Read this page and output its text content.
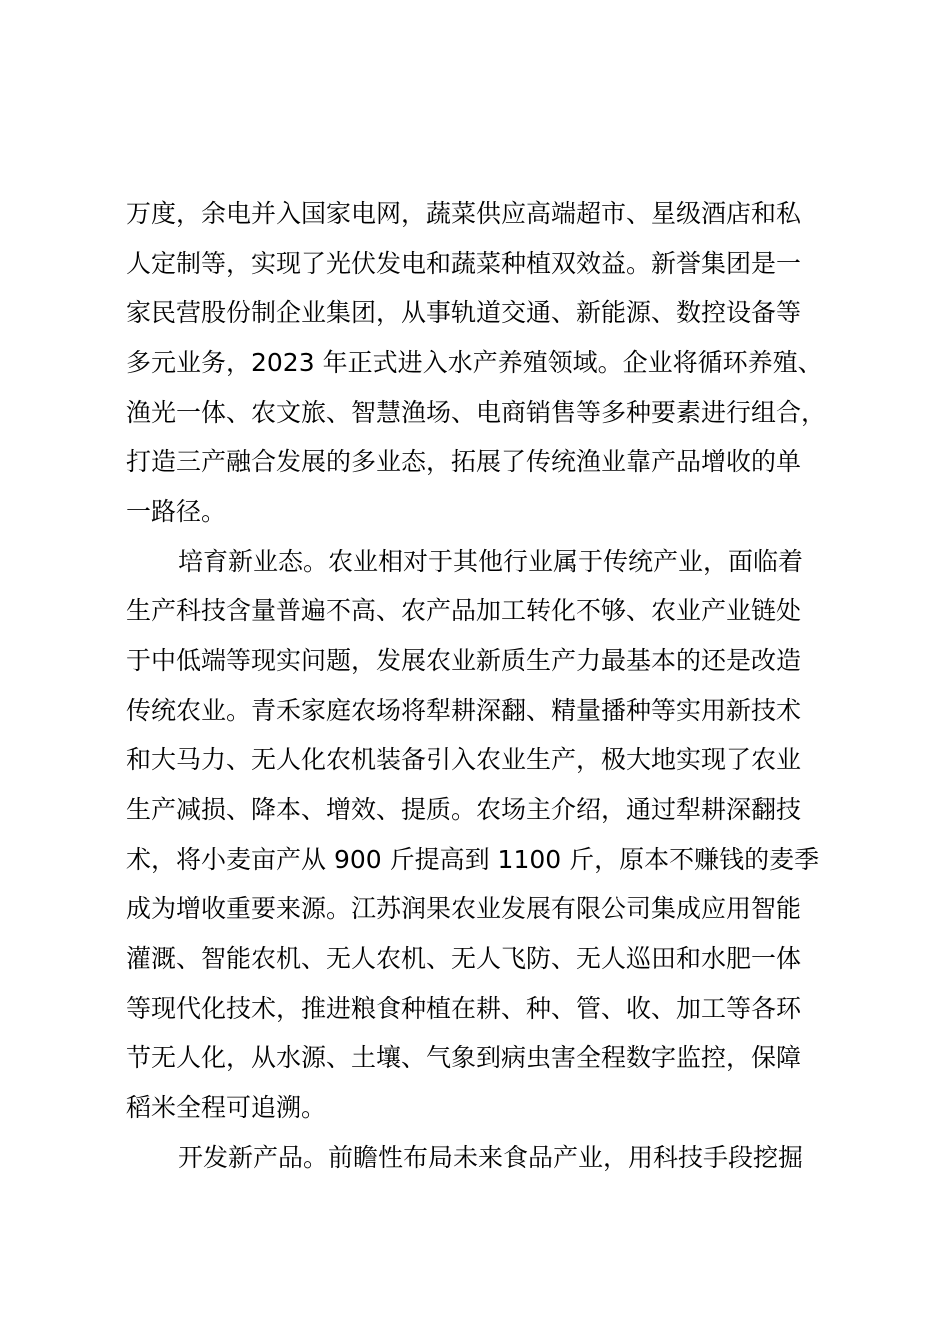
万度，余电并入国家电网，蔬菜供应高端超市、星级酒店和私
人定制等，实现了光伏发电和蔬菜种植双效益。新誉集团是一
家民营股份制企业集团，从事轨道交通、新能源、数控设备等
多元业务，2023 年正式进入水产养殖领域。企业将循环养殖、
渔光一体、农文旅、智慧渔场、电商销售等多种要素进行组合，
打造三产融合发展的多业态，拓展了传统渔业靠产品增收的单
一路径。
培育新业态。农业相对于其他行业属于传统产业，面临着
生产科技含量普遍不高、农产品加工转化不够、农业产业链处
于中低端等现实问题，发展农业新质生产力最基本的还是改造
传统农业。青禾家庭农场将犁耕深翻、精量播种等实用新技术
和大马力、无人化农机装备引入农业生产，极大地实现了农业
生产减损、降本、增效、提质。农场主介绍，通过犁耕深翻技
术，将小麦亩产从 900 斤提高到 1100 斤，原本不赚钱的麦季
成为增收重要来源。江苏润果农业发展有限公司集成应用智能
灌溉、智能农机、无人农机、无人飞防、无人巡田和水肥一体
等现代化技术，推进粮食种植在耕、种、管、收、加工等各环
节无人化，从水源、土壤、气象到病虫害全程数字监控，保障
稻米全程可追溯。
开发新产品。前瞻性布局未来食品产业，用科技手段挖掘
